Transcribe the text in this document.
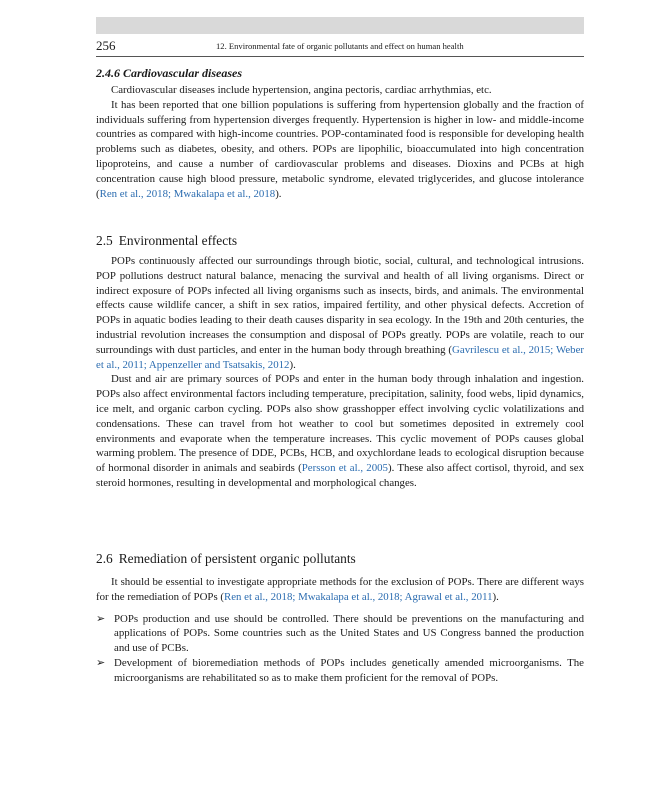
256	12. Environmental fate of organic pollutants and effect on human health
2.4.6 Cardiovascular diseases

Cardiovascular diseases include hypertension, angina pectoris, cardiac arrhythmias, etc.

It has been reported that one billion populations is suffering from hypertension globally and the fraction of individuals suffering from hypertension diverges frequently. Hypertension is higher in low- and middle-income countries as compared with high-income countries. POP-contaminated food is responsible for developing health problems such as diabetes, obesity, and others. POPs are lipophilic, bioaccumulated into high concentration lipoproteins, and cause a number of cardiovascular problems and diseases. Dioxins and PCBs at high concentration cause high blood pressure, metabolic syndrome, elevated triglycerides, and glucose intolerance (Ren et al., 2018; Mwakalapa et al., 2018).

2.5 Environmental effects

POPs continuously affected our surroundings through biotic, social, cultural, and technological intrusions. POP pollutions destruct natural balance, menacing the survival and health of all living organisms. Direct or indirect exposure of POPs infected all living organisms such as insects, birds, and animals. The environmental effects cause wildlife cancer, a shift in sex ratios, impaired fertility, and other physical defects. Accretion of POPs in aquatic bodies leading to their death causes disparity in sea ecology. In the 19th and 20th centuries, the industrial revolution increases the consumption and disposal of POPs greatly. POPs are volatile, reach to our surroundings with dust particles, and enter in the human body through breathing (Gavrilescu et al., 2015; Weber et al., 2011; Appenzeller and Tsatsakis, 2012).

Dust and air are primary sources of POPs and enter in the human body through inhalation and ingestion. POPs also affect environmental factors including temperature, precipitation, salinity, food webs, lipid dynamics, ice melt, and organic carbon cycling. POPs also show grasshopper effect involving cyclic volatilizations and condensations. These can travel from hot weather to cool but sometimes deposited in extremely cool environments and evaporate when the temperature increases. This cyclic movement of POPs causes global warming problem. The presence of DDE, PCBs, HCB, and oxychlordane leads to ecological disruption because of hormonal disorder in animals and seabirds (Persson et al., 2005). These also affect cortisol, thyroid, and sex steroid hormones, resulting in developmental and morphological changes.

2.6 Remediation of persistent organic pollutants

It should be essential to investigate appropriate methods for the exclusion of POPs. There are different ways for the remediation of POPs (Ren et al., 2018; Mwakalapa et al., 2018; Agrawal et al., 2011).

➢ POPs production and use should be controlled. There should be preventions on the manufacturing and applications of POPs. Some countries such as the United States and US Congress banned the production and use of PCBs.
➢ Development of bioremediation methods of POPs includes genetically amended microorganisms. The microorganisms are rehabilitated so as to make them proficient for the removal of POPs.
